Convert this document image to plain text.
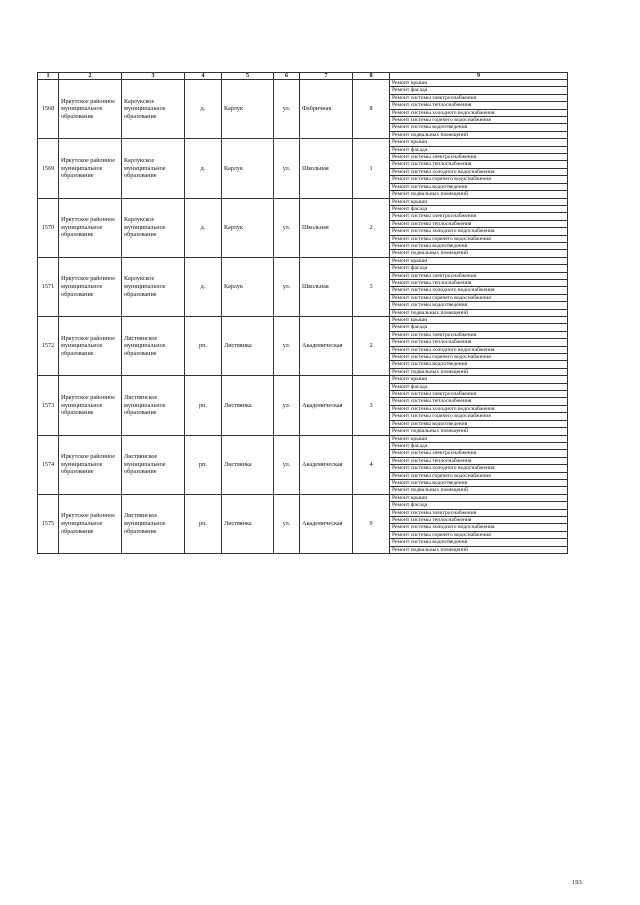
1	2	3	4	5	6	7	8	9
1568	Иркутское районное муниципальное образование	Карлукское муниципальное образование	д.	Карлук	ул.	Фабричная	8	Ремонт крыши
								Ремонт фасада
								Ремонт системы электроснабжения
								Ремонт системы теплоснабжения
								Ремонт системы холодного водоснабжения
								Ремонт системы горячего водоснабжения
								Ремонт системы водоотведения
								Ремонт подвальных помещений
1569	Иркутское районное муниципальное образование	Карлукское муниципальное образование	д.	Карлук	ул.	Школьная	1	Ремонт крыши
								Ремонт фасада
								Ремонт системы электроснабжения
								Ремонт системы теплоснабжения
								Ремонт системы холодного водоснабжения
								Ремонт системы горячего водоснабжения
								Ремонт системы водоотведения
								Ремонт подвальных помещений
1570	Иркутское районное муниципальное образование	Карлукское муниципальное образование	д.	Карлук	ул.	Школьная	2	Ремонт крыши
								Ремонт фасада
								Ремонт системы электроснабжения
								Ремонт системы теплоснабжения
								Ремонт системы холодного водоснабжения
								Ремонт системы горячего водоснабжения
								Ремонт системы водоотведения
								Ремонт подвальных помещений
1571	Иркутское районное муниципальное образование	Карлукское муниципальное образование	д.	Карлук	ул.	Школьная	3	Ремонт крыши
								Ремонт фасада
								Ремонт системы электроснабжения
								Ремонт системы теплоснабжения
								Ремонт системы холодного водоснабжения
								Ремонт системы горячего водоснабжения
								Ремонт системы водоотведения
								Ремонт подвальных помещений
1572	Иркутское районное муниципальное образование	Листвянское муниципальное образование	рп.	Листвянка	ул.	Академическая	2	Ремонт крыши
								Ремонт фасада
								Ремонт системы электроснабжения
								Ремонт системы теплоснабжения
								Ремонт системы холодного водоснабжения
								Ремонт системы горячего водоснабжения
								Ремонт системы водоотведения
								Ремонт подвальных помещений
1573	Иркутское районное муниципальное образование	Листвянское муниципальное образование	рп.	Листвянка	ул.	Академическая	3	Ремонт крыши
								Ремонт фасада
								Ремонт системы электроснабжения
								Ремонт системы теплоснабжения
								Ремонт системы холодного водоснабжения
								Ремонт системы горячего водоснабжения
								Ремонт системы водоотведения
								Ремонт подвальных помещений
1574	Иркутское районное муниципальное образование	Листвянское муниципальное образование	рп.	Листвянка	ул.	Академическая	4	Ремонт крыши
								Ремонт фасада
								Ремонт системы электроснабжения
								Ремонт системы теплоснабжения
								Ремонт системы холодного водоснабжения
								Ремонт системы горячего водоснабжения
								Ремонт системы водоотведения
								Ремонт подвальных помещений
1575	Иркутское районное муниципальное образование	Листвянское муниципальное образование	рп.	Листвянка	ул.	Академическая	9	Ремонт крыши
								Ремонт фасада
								Ремонт системы электроснабжения
								Ремонт системы теплоснабжения
								Ремонт системы холодного водоснабжения
								Ремонт системы горячего водоснабжения
								Ремонт системы водоотведения
								Ремонт подвальных помещений
193
